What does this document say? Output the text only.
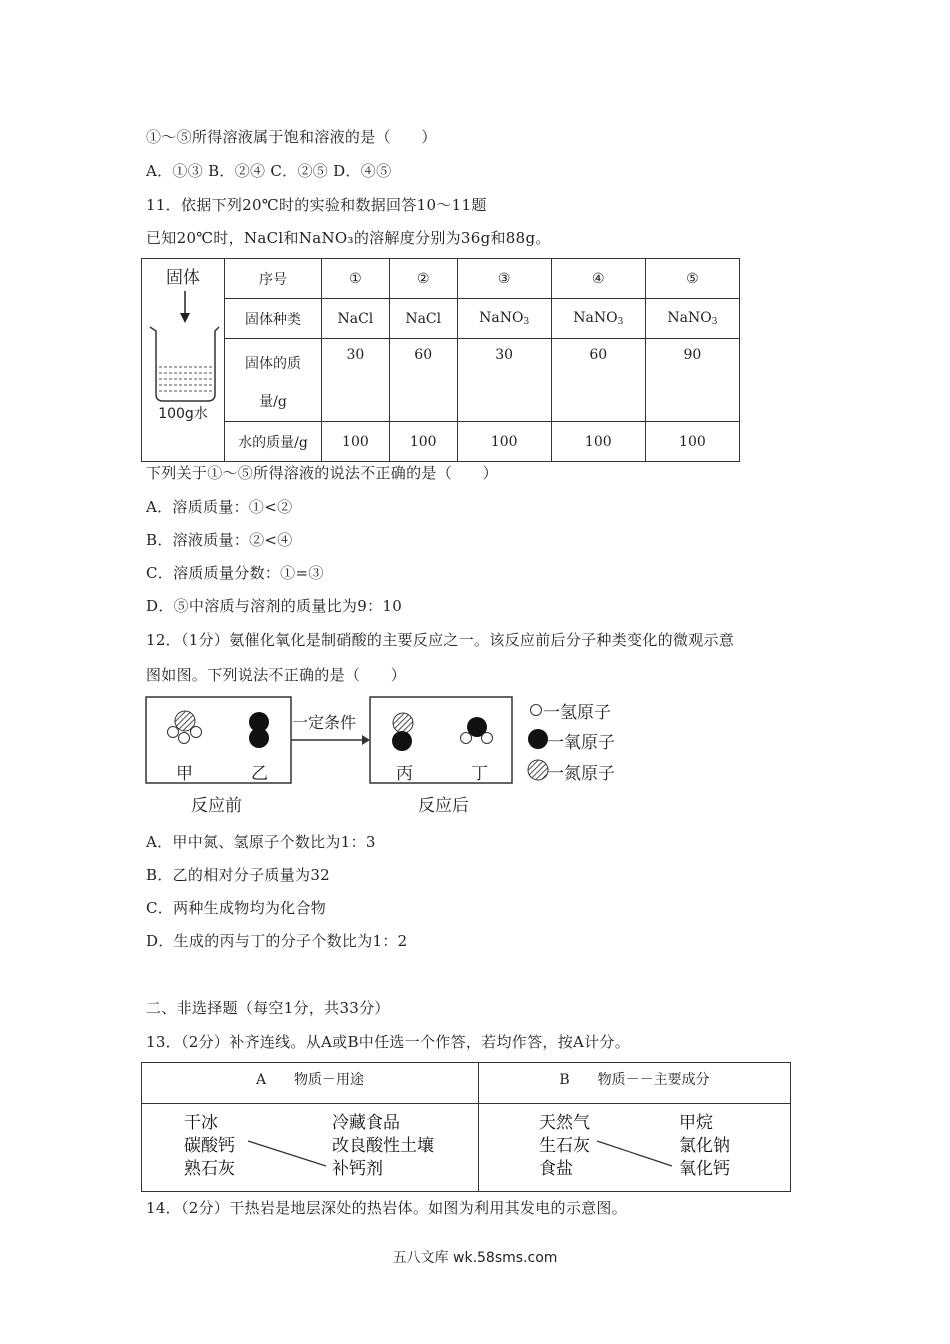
①～⑤所得溶液属于饱和溶液的是（　　）
A．①③ B．②④ C．②⑤ D．④⑤
11．依据下列20℃时的实验和数据回答10～11题
已知20℃时，NaCl和NaNO₃的溶解度分别为36g和88g。
固体
100g水	序号	①	②	③	④	⑤
	固体种类	NaCl	NaCl	NaNO$_3$	NaNO$_3$	NaNO$_3$

	固体的质
量/g	30	60	30	60	90
	水的质量/g	100	100	100	100	100
下列关于①～⑤所得溶液的说法不正确的是（　　）
A．溶质质量：①<②
B．溶液质量：②<④
C．溶质质量分数：①=③
D．⑤中溶质与溶剂的质量比为9：10
12．（1分）氨催化氧化是制硝酸的主要反应之一。该反应前后分子种类变化的微观示意
图如图。下列说法不正确的是（　　）
一定条件
甲	乙	丙	丁
反应前	反应后
一氢原子
一氧原子
一氮原子
A．甲中氮、氢原子个数比为1：3
B．乙的相对分子质量为32
C．两种生成物均为化合物
D．生成的丙与丁的分子个数比为1：2
二、非选择题（每空1分，共33分）
13．（2分）补齐连线。从A或B中任选一个作答，若均作答，按A计分。
A　　物质－用途
干冰
碳酸钙
熟石灰
冷藏食品
改良酸性土壤
补钙剂
B　　物质－－主要成分
天然气
生石灰
食盐
甲烷
氯化钠
氧化钙
14．（2分）干热岩是地层深处的热岩体。如图为利用其发电的示意图。
五八文库 wk.58sms.com
